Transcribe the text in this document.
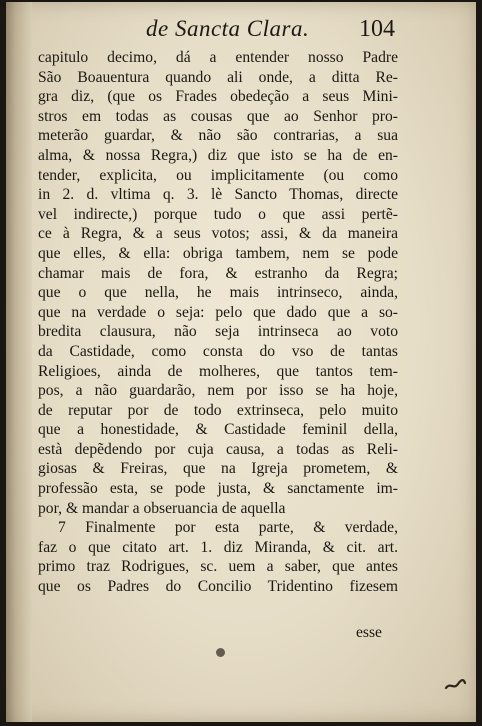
de Sancta Clara. 104
capitulo decimo, dá a entender nosso Padre
São Boauentura quando ali onde, a ditta Re-
gra diz, (que os Frades obedeção a seus Mini-
stros em todas as cousas que ao Senhor pro-
meterão guardar, & não são contrarias, a sua
alma, & nossa Regra,) diz que isto se ha de en-
tender, explicita, ou implicitamente (ou como
in 2. d. vltima q. 3. lè Sancto Thomas, directe
vel indirecte,) porque tudo o que assi pertẽ-
ce à Regra, & a seus votos; assi, & da maneira
que elles, & ella: obriga tambem, nem se pode
chamar mais de fora, & estranho da Regra;
que o que nella, he mais intrinseco, ainda,
que na verdade o seja: pelo que dado que a so-
bredita clausura, não seja intrinseca ao voto
da Castidade, como consta do vso de tantas
Religioes, ainda de molheres, que tantos tem-
pos, a não guardarão, nem por isso se ha hoje,
de reputar por de todo extrinseca, pelo muito
que a honestidade, & Castidade feminil della,
està depẽdendo por cuja causa, a todas as Reli-
giosas & Freiras, que na Igreja prometem, &
professão esta, se pode justa, & sanctamente im-
por, & mandar a obseruancia de aquella
7 Finalmente por esta parte, & verdade,
faz o que citato art. 1. diz Miranda, & cit. art.
primo traz Rodrigues, sc. uem a saber, que antes
que os Padres do Concilio Tridentino fizesem
esse
